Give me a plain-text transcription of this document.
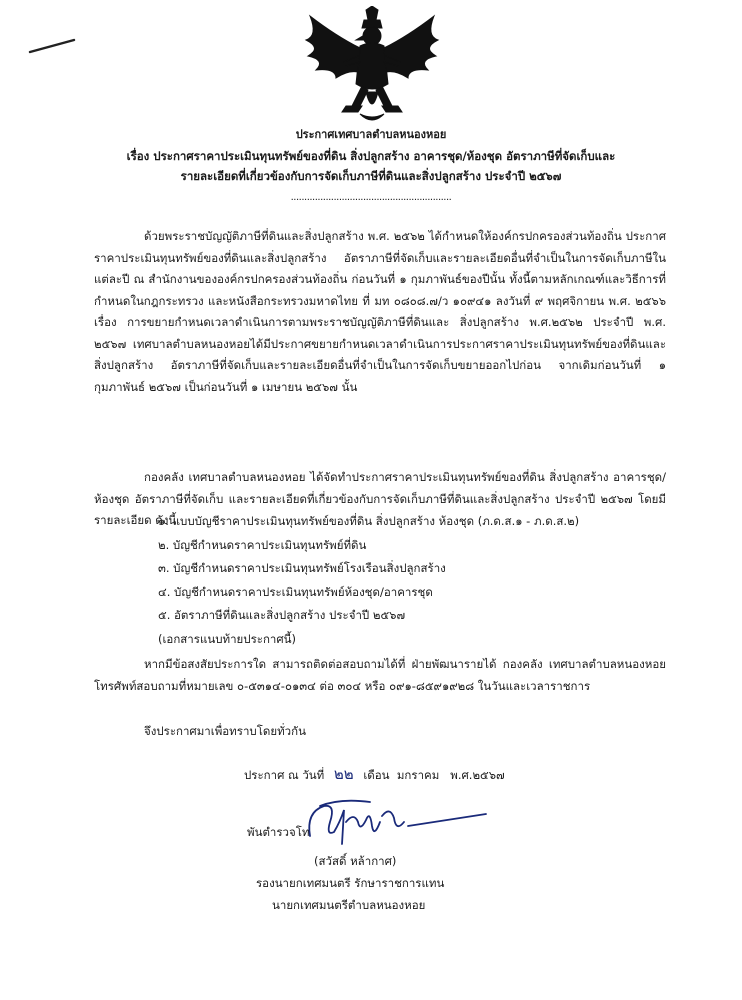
ประกาศเทศบาลตำบลหนองหอย
เรื่อง ประกาศราคาประเมินทุนทรัพย์ของที่ดิน สิ่งปลูกสร้าง อาคารชุด/ห้องชุด อัตราภาษีที่จัดเก็บและ
รายละเอียดที่เกี่ยวข้องกับการจัดเก็บภาษีที่ดินและสิ่งปลูกสร้าง ประจำปี ๒๕๖๗
............................................................
ด้วยพระราชบัญญัติภาษีที่ดินและสิ่งปลูกสร้าง พ.ศ. ๒๕๖๒ ได้กำหนดให้องค์กรปกครองส่วนท้องถิ่น ประกาศราคาประเมินทุนทรัพย์ของที่ดินและสิ่งปลูกสร้าง อัตราภาษีที่จัดเก็บและรายละเอียดอื่นที่จำเป็นในการจัดเก็บภาษีในแต่ละปี ณ สำนักงานขององค์กรปกครองส่วนท้องถิ่น ก่อนวันที่ ๑ กุมภาพันธ์ของปีนั้น ทั้งนี้ตามหลักเกณฑ์และวิธีการที่กำหนดในกฎกระทรวง และหนังสือกระทรวงมหาดไทย ที่ มท ๐๘๐๘.๗/ว ๑๐๙๔๑ ลงวันที่ ๙ พฤศจิกายน พ.ศ. ๒๕๖๖ เรื่อง การขยายกำหนดเวลาดำเนินการตามพระราชบัญญัติภาษีที่ดินและ สิ่งปลูกสร้าง พ.ศ.๒๕๖๒ ประจำปี พ.ศ. ๒๕๖๗ เทศบาลตำบลหนองหอยได้มีประกาศขยายกำหนดเวลาดำเนินการประกาศราคาประเมินทุนทรัพย์ของที่ดินและสิ่งปลูกสร้าง อัตราภาษีที่จัดเก็บและรายละเอียดอื่นที่จำเป็นในการจัดเก็บขยายออกไปก่อน จากเดิมก่อนวันที่ ๑ กุมภาพันธ์ ๒๕๖๗ เป็นก่อนวันที่ ๑ เมษายน ๒๕๖๗ นั้น
กองคลัง เทศบาลตำบลหนองหอย ได้จัดทำประกาศราคาประเมินทุนทรัพย์ของที่ดิน สิ่งปลูกสร้าง อาคารชุด/ห้องชุด อัตราภาษีที่จัดเก็บ และรายละเอียดที่เกี่ยวข้องกับการจัดเก็บภาษีที่ดินและสิ่งปลูกสร้าง ประจำปี ๒๕๖๗ โดยมีรายละเอียด ดังนี้
๑. แบบบัญชีราคาประเมินทุนทรัพย์ของที่ดิน สิ่งปลูกสร้าง ห้องชุด (ภ.ด.ส.๑ - ภ.ด.ส.๒)
๒. บัญชีกำหนดราคาประเมินทุนทรัพย์ที่ดิน
๓. บัญชีกำหนดราคาประเมินทุนทรัพย์โรงเรือนสิ่งปลูกสร้าง
๔. บัญชีกำหนดราคาประเมินทุนทรัพย์ห้องชุด/อาคารชุด
๕. อัตราภาษีที่ดินและสิ่งปลูกสร้าง ประจำปี ๒๕๖๗
(เอกสารแนบท้ายประกาศนี้)
หากมีข้อสงสัยประการใด สามารถติดต่อสอบถามได้ที่ ฝ่ายพัฒนารายได้ กองคลัง เทศบาลตำบลหนองหอย โทรศัพท์สอบถามที่หมายเลข ๐-๕๓๑๔-๐๑๓๔ ต่อ ๓๐๔ หรือ ๐๙๑-๘๕๙๑๙๒๘ ในวันและเวลาราชการ
จึงประกาศมาเพื่อทราบโดยทั่วกัน
ประกาศ ณ วันที่ ๒๒ เดือน มกราคม พ.ศ.๒๕๖๗
พันตำรวจโท
(สวัสดิ์ หล้ากาศ)
รองนายกเทศมนตรี รักษาราชการแทน
นายกเทศมนตรีตำบลหนองหอย
